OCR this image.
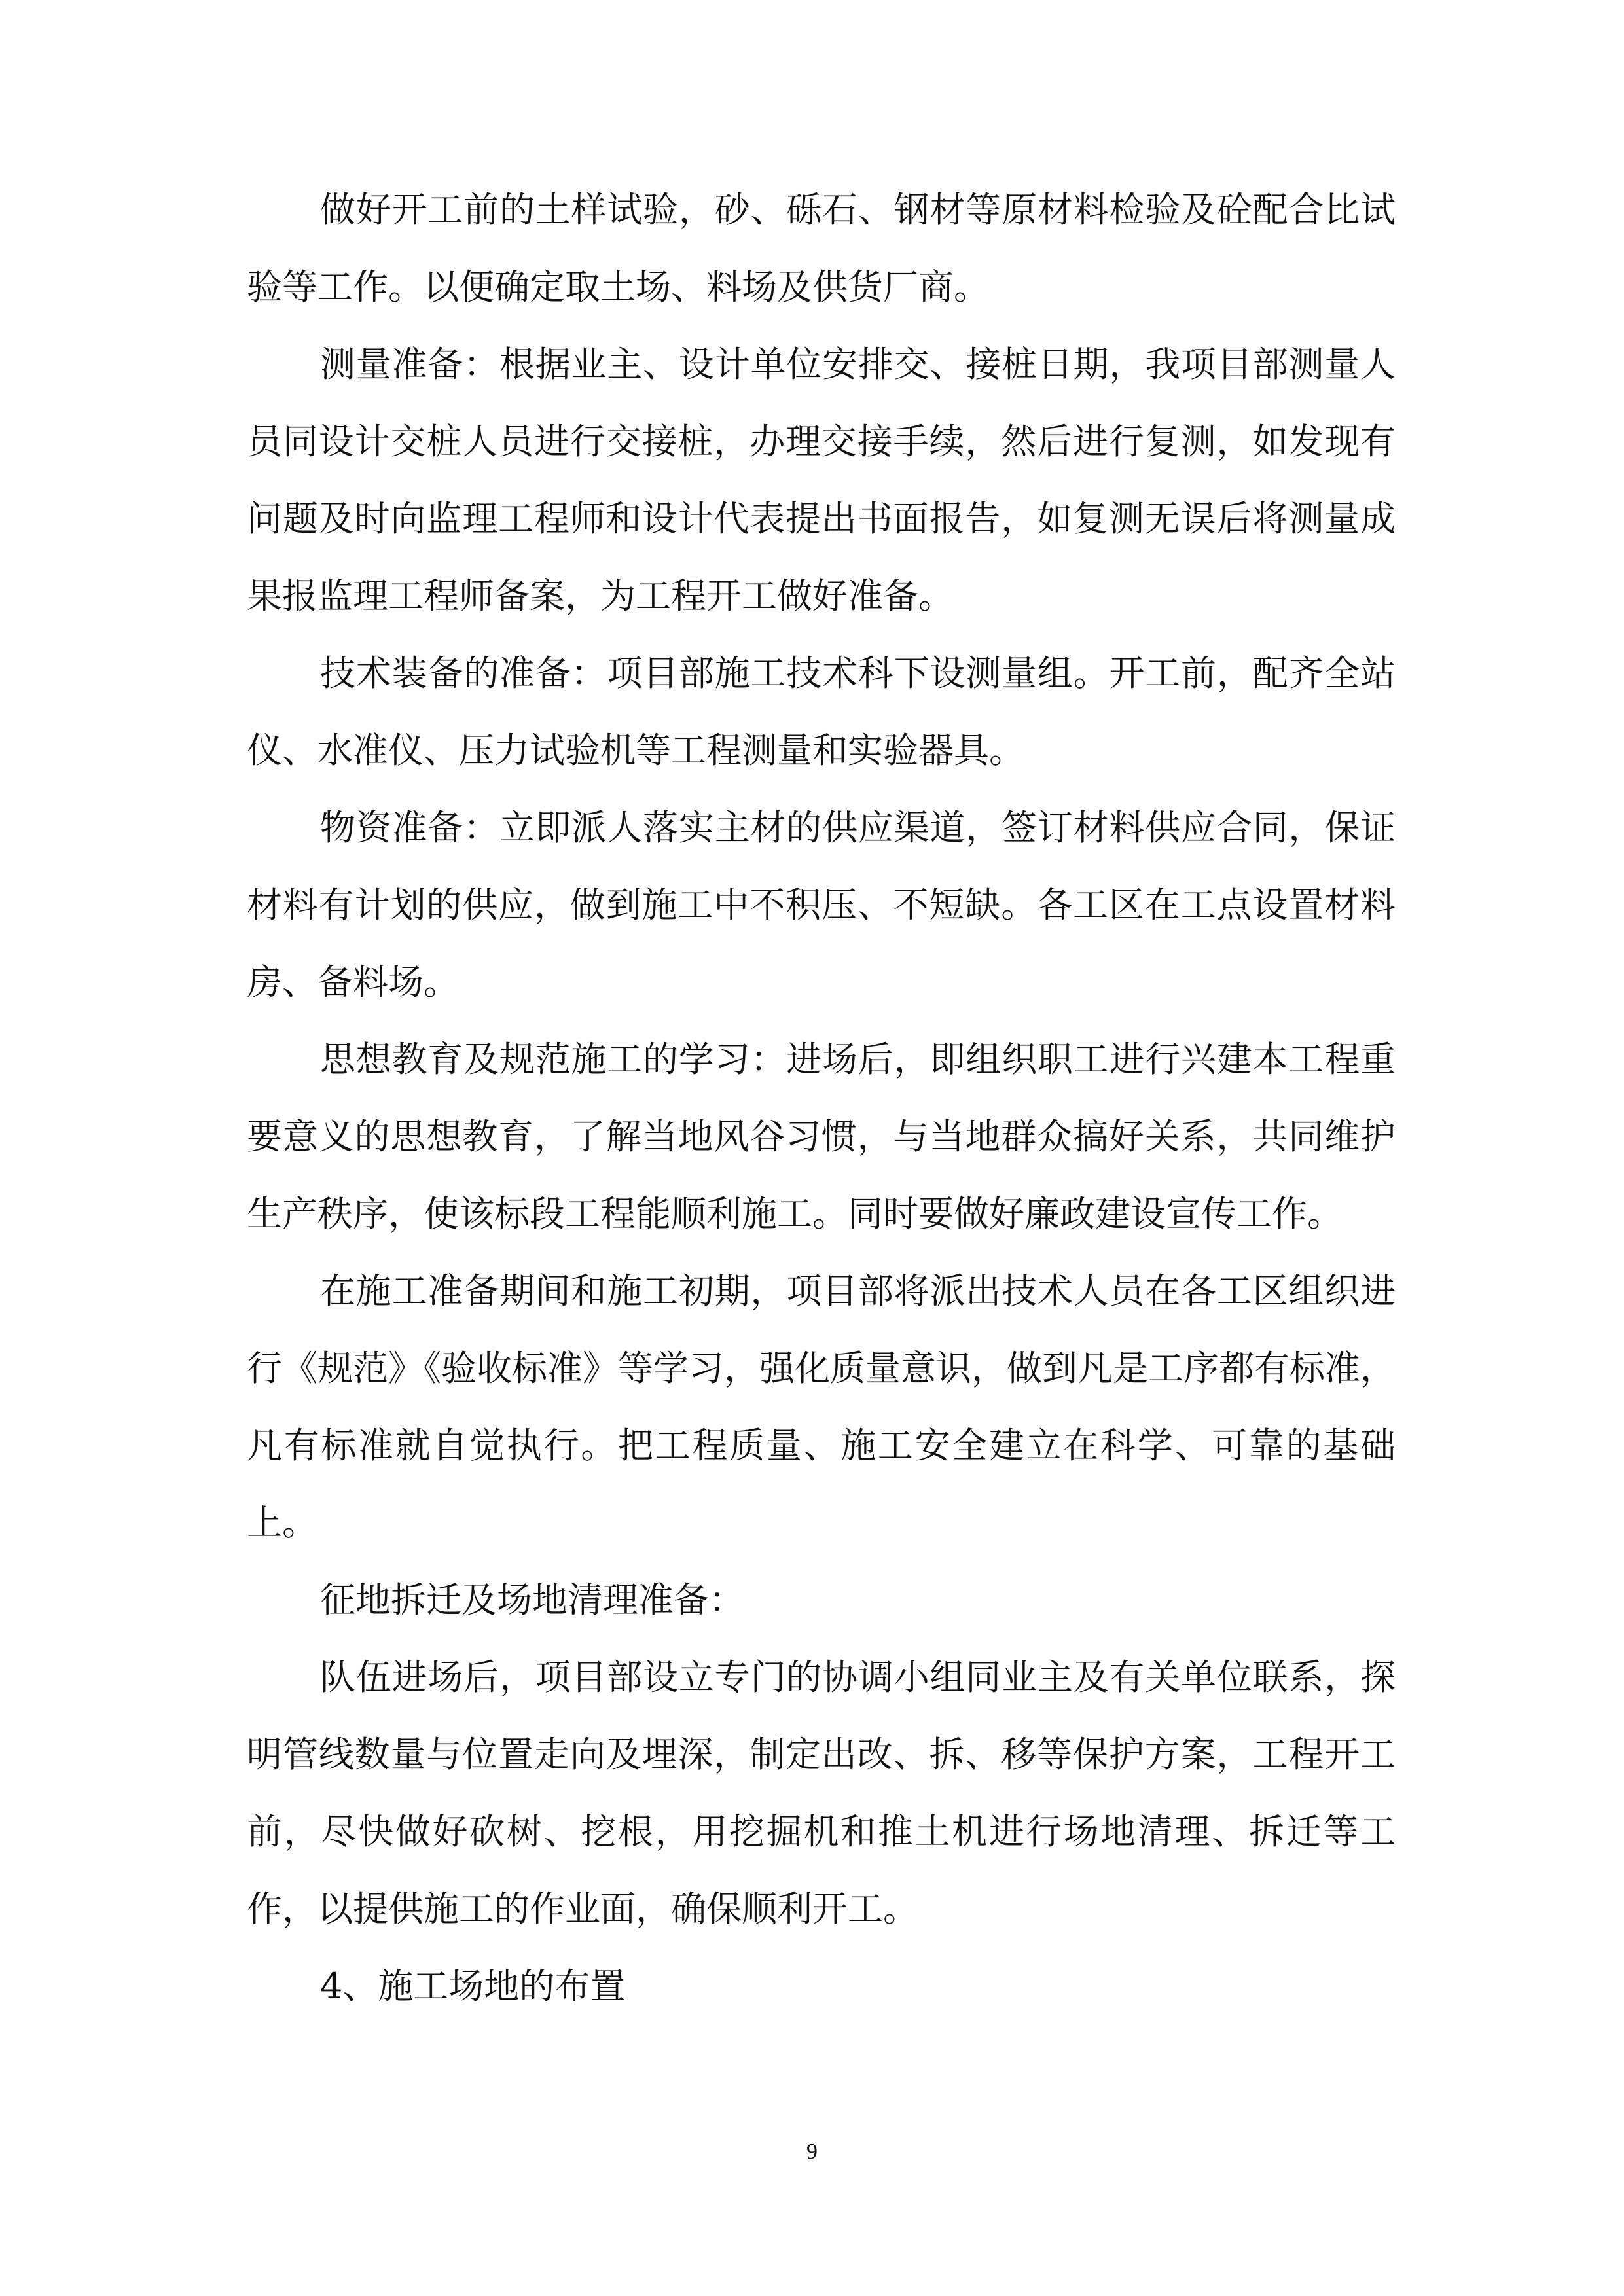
做好开工前的土样试验，砂、砾石、钢材等原材料检验及砼配合比试验等工作。以便确定取土场、料场及供货厂商。

测量准备：根据业主、设计单位安排交、接桩日期，我项目部测量人员同设计交桩人员进行交接桩，办理交接手续，然后进行复测，如发现有问题及时向监理工程师和设计代表提出书面报告，如复测无误后将测量成果报监理工程师备案，为工程开工做好准备。

技术装备的准备：项目部施工技术科下设测量组。开工前，配齐全站仪、水准仪、压力试验机等工程测量和实验器具。

物资准备：立即派人落实主材的供应渠道，签订材料供应合同，保证材料有计划的供应，做到施工中不积压、不短缺。各工区在工点设置材料房、备料场。

思想教育及规范施工的学习：进场后，即组织职工进行兴建本工程重要意义的思想教育，了解当地风谷习惯，与当地群众搞好关系，共同维护生产秩序，使该标段工程能顺利施工。同时要做好廉政建设宣传工作。

在施工准备期间和施工初期，项目部将派出技术人员在各工区组织进行《规范》《验收标准》等学习，强化质量意识，做到凡是工序都有标准，凡有标准就自觉执行。把工程质量、施工安全建立在科学、可靠的基础上。

征地拆迁及场地清理准备：

队伍进场后，项目部设立专门的协调小组同业主及有关单位联系，探明管线数量与位置走向及埋深，制定出改、拆、移等保护方案，工程开工前，尽快做好砍树、挖根，用挖掘机和推土机进行场地清理、拆迁等工作，以提供施工的作业面，确保顺利开工。

4、施工场地的布置

9
